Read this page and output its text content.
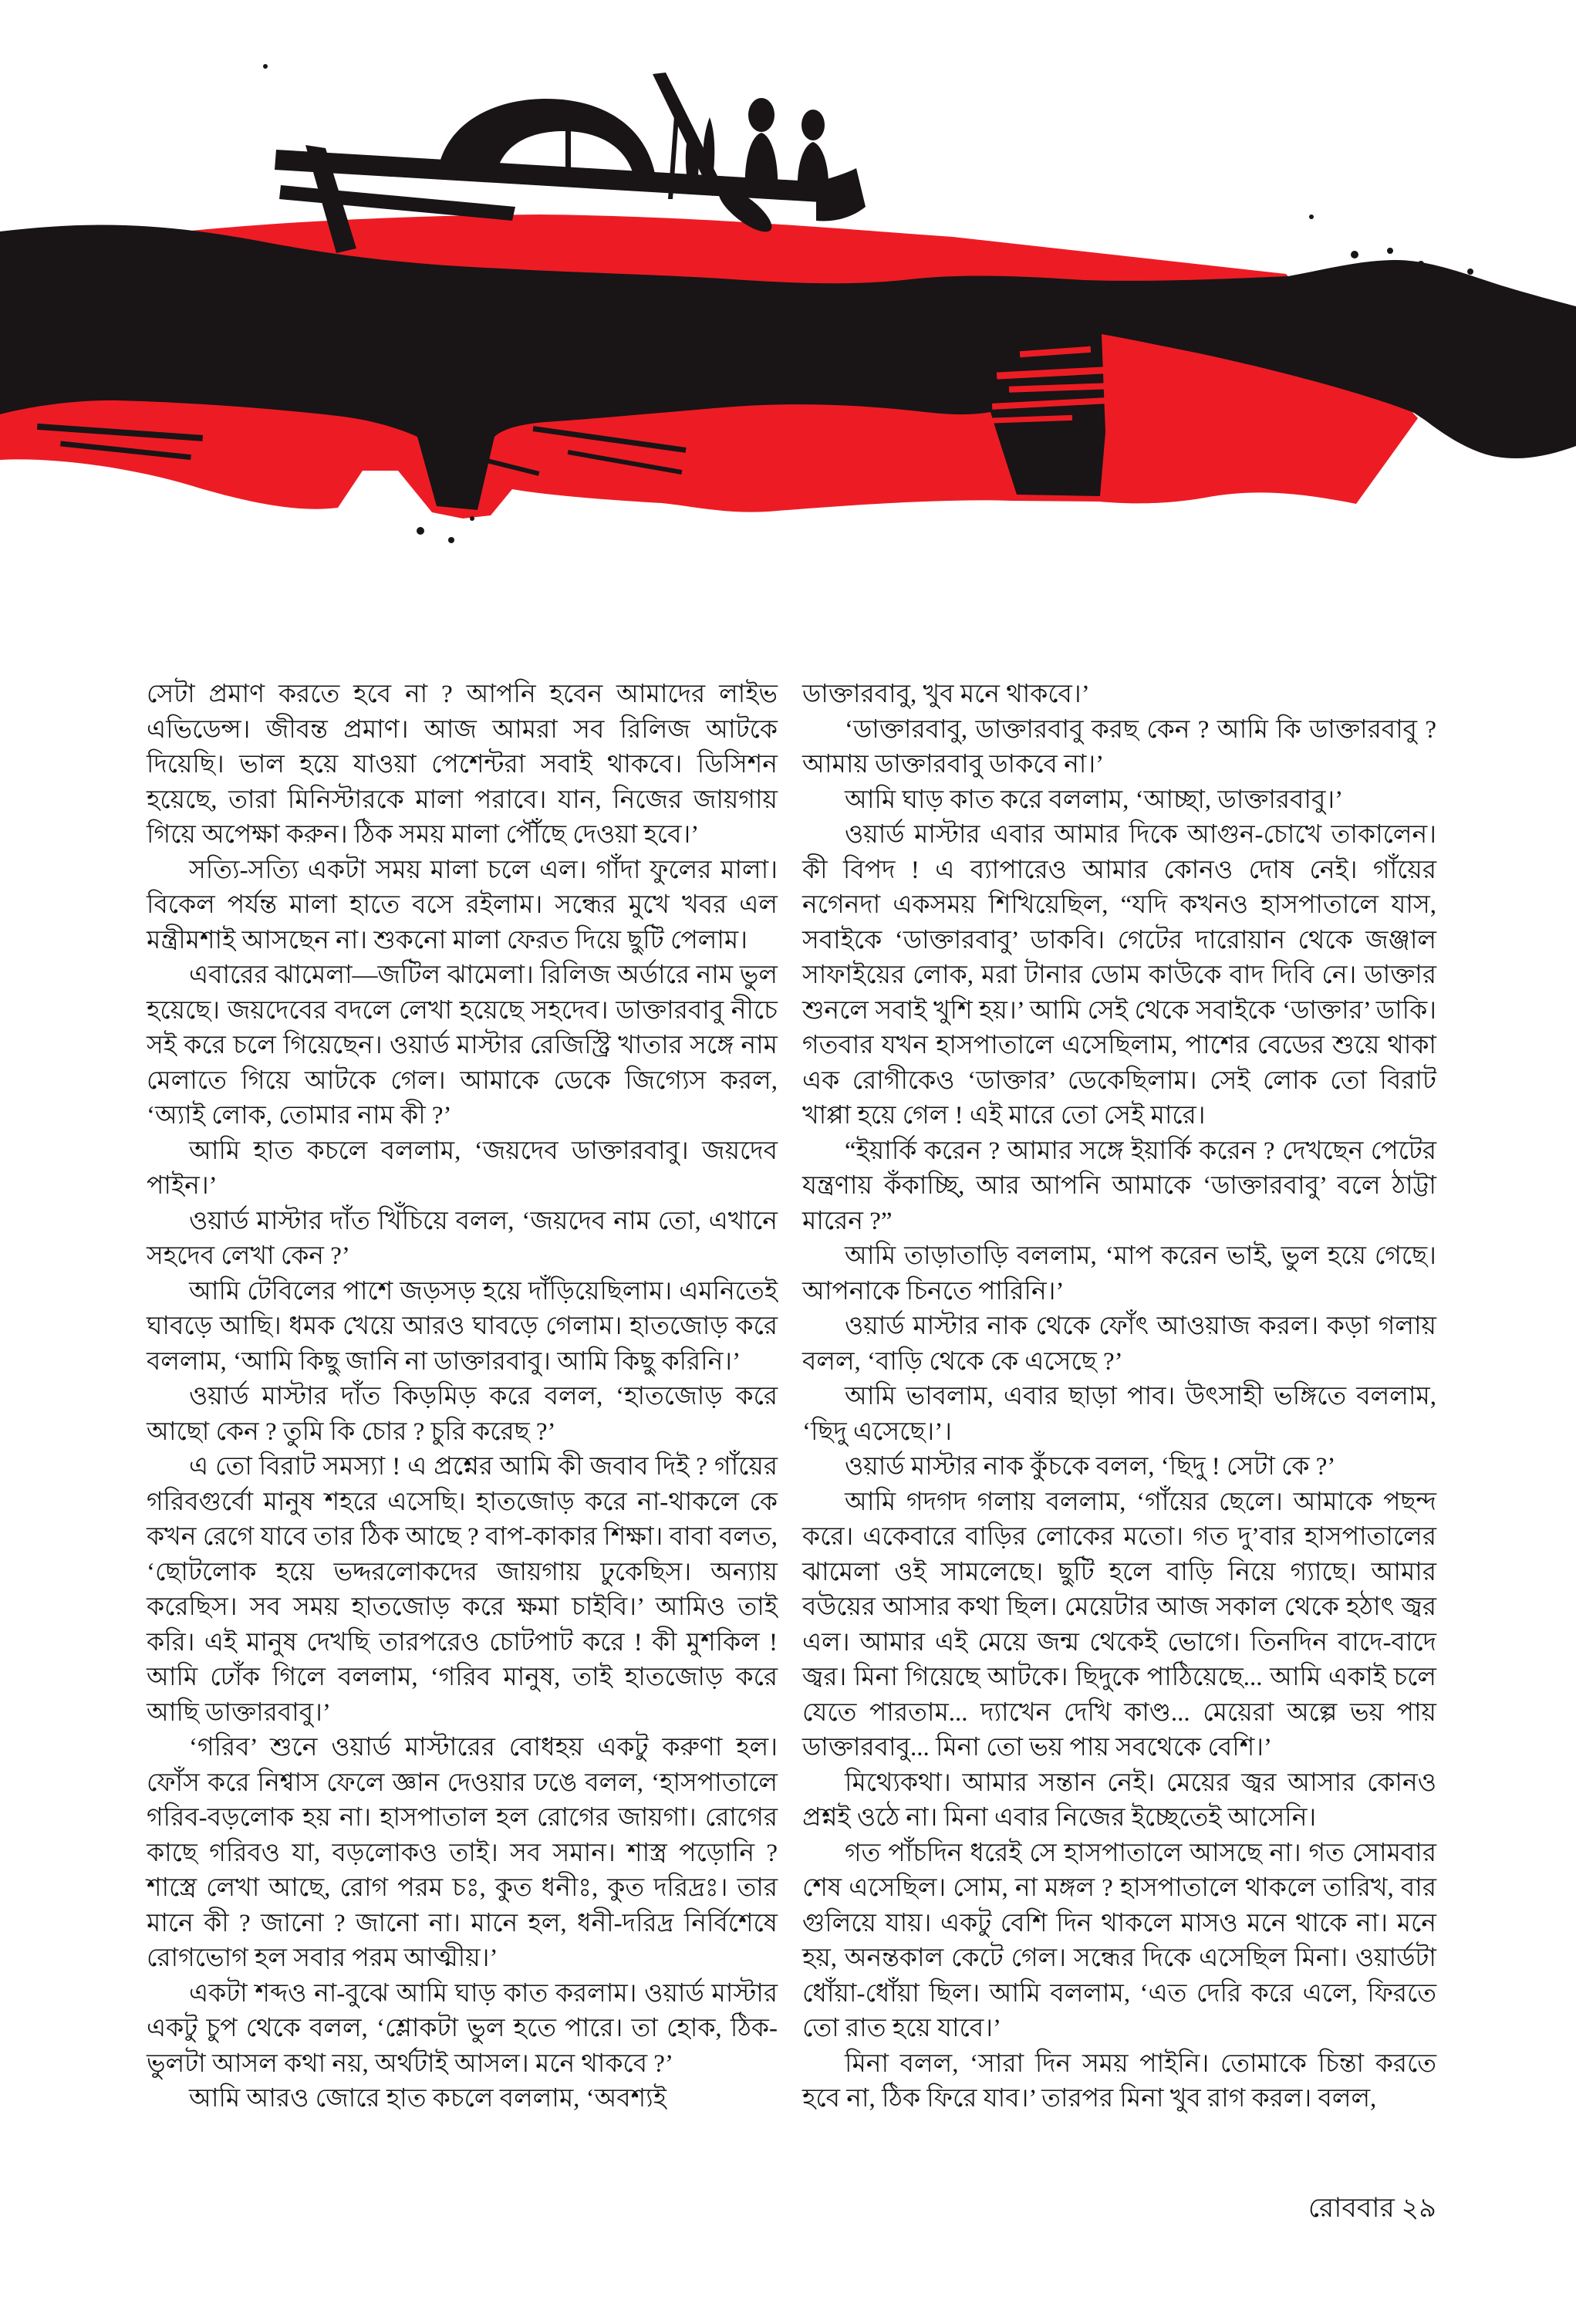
সেটা প্রমাণ করতে হবে না ? আপনি হবেন আমাদের লাইভ এভিডেন্স। জীবন্ত প্রমাণ। আজ আমরা সব রিলিজ আটকে দিয়েছি। ভাল হয়ে যাওয়া পেশেন্টরা সবাই থাকবে। ডিসিশন হয়েছে, তারা মিনিস্টারকে মালা পরাবে। যান, নিজের জায়গায় গিয়ে অপেক্ষা করুন। ঠিক সময় মালা পৌঁছে দেওয়া হবে।’

সত্যি-সত্যি একটা সময় মালা চলে এল। গাঁদা ফুলের মালা। বিকেল পর্যন্ত মালা হাতে বসে রইলাম। সন্ধের মুখে খবর এল মন্ত্রীমশাই আসছেন না। শুকনো মালা ফেরত দিয়ে ছুটি পেলাম।

এবারের ঝামেলা—জটিল ঝামেলা। রিলিজ অর্ডারে নাম ভুল হয়েছে। জয়দেবের বদলে লেখা হয়েছে সহদেব। ডাক্তারবাবু নীচে সই করে চলে গিয়েছেন। ওয়ার্ড মাস্টার রেজিস্ট্রি খাতার সঙ্গে নাম মেলাতে গিয়ে আটকে গেল। আমাকে ডেকে জিগ্যেস করল, ‘অ্যাই লোক, তোমার নাম কী ?’

আমি হাত কচলে বললাম, ‘জয়দেব ডাক্তারবাবু। জয়দেব পাইন।’

ওয়ার্ড মাস্টার দাঁত খিঁচিয়ে বলল, ‘জয়দেব নাম তো, এখানে সহদেব লেখা কেন ?’

আমি টেবিলের পাশে জড়সড় হয়ে দাঁড়িয়েছিলাম। এমনিতেই ঘাবড়ে আছি। ধমক খেয়ে আরও ঘাবড়ে গেলাম। হাতজোড় করে বললাম, ‘আমি কিছু জানি না ডাক্তারবাবু। আমি কিছু করিনি।’

ওয়ার্ড মাস্টার দাঁত কিড়মিড় করে বলল, ‘হাতজোড় করে আছো কেন ? তুমি কি চোর ? চুরি করেছ ?’

এ তো বিরাট সমস্যা ! এ প্রশ্নের আমি কী জবাব দিই ? গাঁয়ের গরিবগুর্বো মানুষ শহরে এসেছি। হাতজোড় করে না-থাকলে কে কখন রেগে যাবে তার ঠিক আছে ? বাপ-কাকার শিক্ষা। বাবা বলত, ‘ছোটলোক হয়ে ভদ্দরলোকদের জায়গায় ঢুকেছিস। অন্যায় করেছিস। সব সময় হাতজোড় করে ক্ষমা চাইবি।’ আমিও তাই করি। এই মানুষ দেখছি তারপরেও চোটপাট করে ! কী মুশকিল ! আমি ঢোঁক গিলে বললাম, ‘গরিব মানুষ, তাই হাতজোড় করে আছি ডাক্তারবাবু।’

‘গরিব’ শুনে ওয়ার্ড মাস্টারের বোধহয় একটু করুণা হল। ফোঁস করে নিশ্বাস ফেলে জ্ঞান দেওয়ার ঢঙে বলল, ‘হাসপাতালে গরিব-বড়লোক হয় না। হাসপাতাল হল রোগের জায়গা। রোগের কাছে গরিবও যা, বড়লোকও তাই। সব সমান। শাস্ত্র পড়োনি ? শাস্ত্রে লেখা আছে, রোগ পরম চঃ, কুত ধনীঃ, কুত দরিদ্রঃ। তার মানে কী ? জানো ? জানো না। মানে হল, ধনী-দরিদ্র নির্বিশেষে রোগভোগ হল সবার পরম আত্মীয়।’

একটা শব্দও না-বুঝে আমি ঘাড় কাত করলাম। ওয়ার্ড মাস্টার একটু চুপ থেকে বলল, ‘শ্লোকটা ভুল হতে পারে। তা হোক, ঠিক-ভুলটা আসল কথা নয়, অর্থটাই আসল। মনে থাকবে ?’

আমি আরও জোরে হাত কচলে বললাম, ‘অবশ্যই

ডাক্তারবাবু, খুব মনে থাকবে।’

‘ডাক্তারবাবু, ডাক্তারবাবু করছ কেন ? আমি কি ডাক্তারবাবু ? আমায় ডাক্তারবাবু ডাকবে না।’

আমি ঘাড় কাত করে বললাম, ‘আচ্ছা, ডাক্তারবাবু।’

ওয়ার্ড মাস্টার এবার আমার দিকে আগুন-চোখে তাকালেন। কী বিপদ ! এ ব্যাপারেও আমার কোনও দোষ নেই। গাঁয়ের নগেনদা একসময় শিখিয়েছিল, “যদি কখনও হাসপাতালে যাস, সবাইকে ‘ডাক্তারবাবু’ ডাকবি। গেটের দারোয়ান থেকে জঞ্জাল সাফাইয়ের লোক, মরা টানার ডোম কাউকে বাদ দিবি নে। ডাক্তার শুনলে সবাই খুশি হয়।’ আমি সেই থেকে সবাইকে ‘ডাক্তার’ ডাকি। গতবার যখন হাসপাতালে এসেছিলাম, পাশের বেডের শুয়ে থাকা এক রোগীকেও ‘ডাক্তার’ ডেকেছিলাম। সেই লোক তো বিরাট খাপ্পা হয়ে গেল ! এই মারে তো সেই মারে।

“ইয়ার্কি করেন ? আমার সঙ্গে ইয়ার্কি করেন ? দেখছেন পেটের যন্ত্রণায় কঁকাচ্ছি, আর আপনি আমাকে ‘ডাক্তারবাবু’ বলে ঠাট্টা মারেন ?”

আমি তাড়াতাড়ি বললাম, ‘মাপ করেন ভাই, ভুল হয়ে গেছে। আপনাকে চিনতে পারিনি।’

ওয়ার্ড মাস্টার নাক থেকে ফোঁৎ আওয়াজ করল। কড়া গলায় বলল, ‘বাড়ি থেকে কে এসেছে ?’

আমি ভাবলাম, এবার ছাড়া পাব। উৎসাহী ভঙ্গিতে বললাম, ‘ছিদু এসেছে।’।

ওয়ার্ড মাস্টার নাক কুঁচকে বলল, ‘ছিদু ! সেটা কে ?’

আমি গদগদ গলায় বললাম, ‘গাঁয়ের ছেলে। আমাকে পছন্দ করে। একেবারে বাড়ির লোকের মতো। গত দু’বার হাসপাতালের ঝামেলা ওই সামলেছে। ছুটি হলে বাড়ি নিয়ে গ্যাছে। আমার বউয়ের আসার কথা ছিল। মেয়েটার আজ সকাল থেকে হঠাৎ জ্বর এল। আমার এই মেয়ে জন্ম থেকেই ভোগে। তিনদিন বাদে-বাদে জ্বর। মিনা গিয়েছে আটকে। ছিদুকে পাঠিয়েছে... আমি একাই চলে যেতে পারতাম... দ্যাখেন দেখি কাণ্ড... মেয়েরা অল্পে ভয় পায় ডাক্তারবাবু... মিনা তো ভয় পায় সবথেকে বেশি।’

মিথ্যেকথা। আমার সন্তান নেই। মেয়ের জ্বর আসার কোনও প্রশ্নই ওঠে না। মিনা এবার নিজের ইচ্ছেতেই আসেনি।

গত পাঁচদিন ধরেই সে হাসপাতালে আসছে না। গত সোমবার শেষ এসেছিল। সোম, না মঙ্গল ? হাসপাতালে থাকলে তারিখ, বার গুলিয়ে যায়। একটু বেশি দিন থাকলে মাসও মনে থাকে না। মনে হয়, অনন্তকাল কেটে গেল। সন্ধের দিকে এসেছিল মিনা। ওয়ার্ডটা ধোঁয়া-ধোঁয়া ছিল। আমি বললাম, ‘এত দেরি করে এলে, ফিরতে তো রাত হয়ে যাবে।’

মিনা বলল, ‘সারা দিন সময় পাইনি। তোমাকে চিন্তা করতে হবে না, ঠিক ফিরে যাব।’ তারপর মিনা খুব রাগ করল। বলল,

রোববার ২৯
